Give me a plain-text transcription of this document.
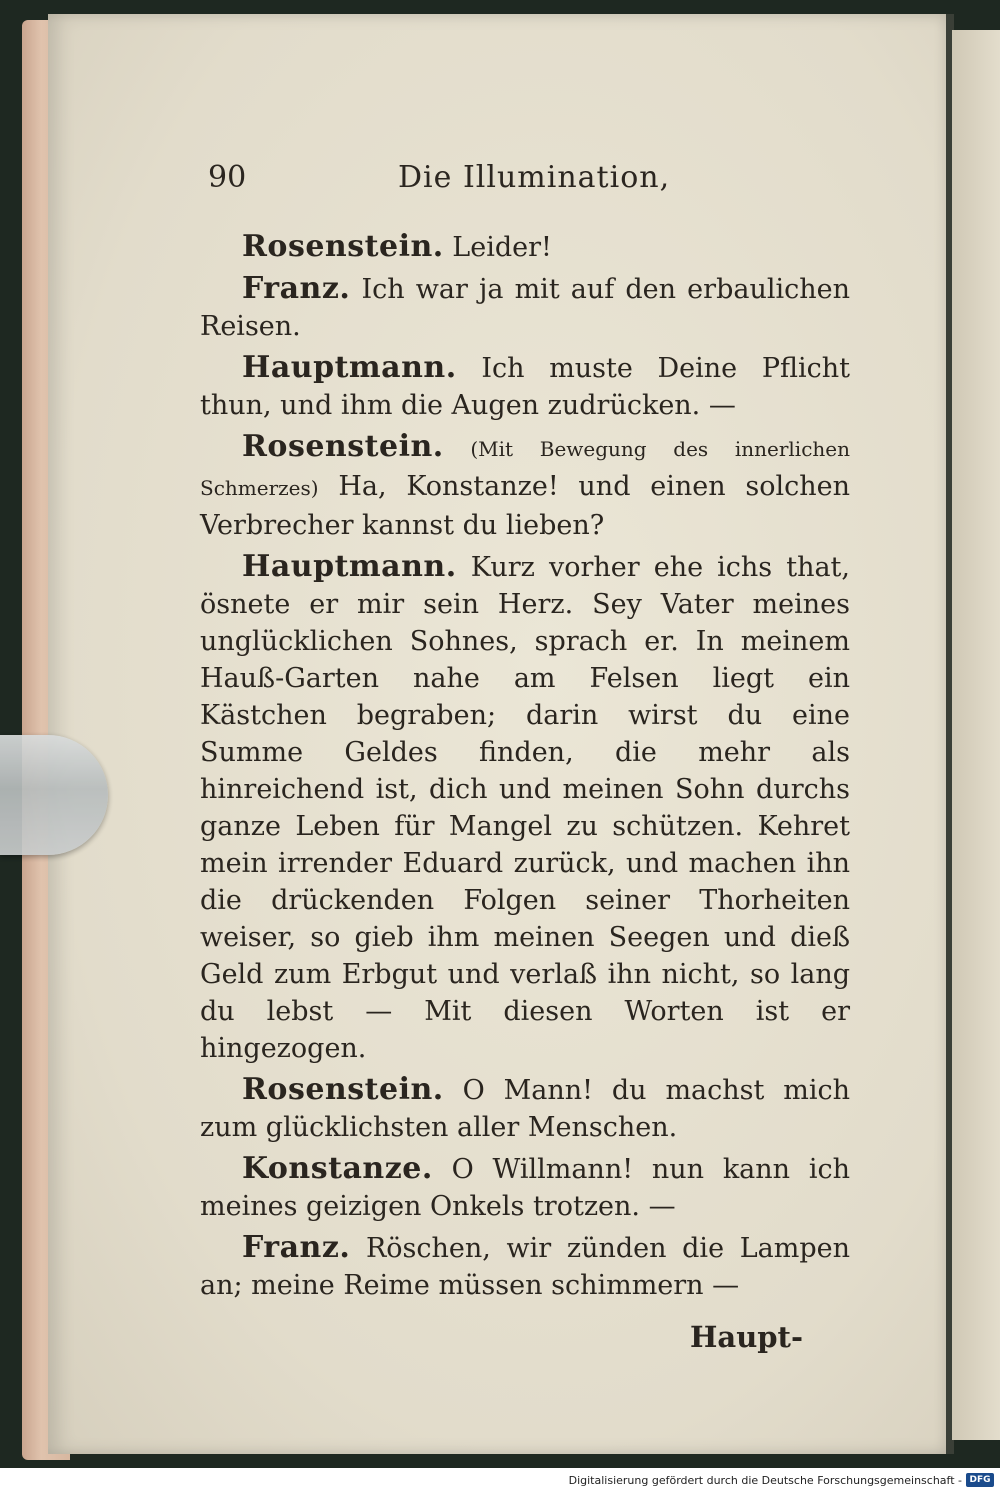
90	Die Illumination,

Rosenstein. Leider!

Franz. Ich war ja mit auf den erbaulichen Reisen.

Hauptmann. Ich muste Deine Pflicht thun, und ihm die Augen zudrücken. —

Rosenstein. (Mit Bewegung des innerlichen Schmerzes) Ha, Konstanze! und einen solchen Verbrecher kannst du lieben?

Hauptmann. Kurz vorher ehe ichs that, ösnete er mir sein Herz. Sey Vater meines unglücklichen Sohnes, sprach er. In meinem Hauß-Garten nahe am Felsen liegt ein Kästchen begraben; darin wirst du eine Summe Geldes finden, die mehr als hinreichend ist, dich und meinen Sohn durchs ganze Leben für Mangel zu schützen. Kehret mein irrender Eduard zurück, und machen ihn die drückenden Folgen seiner Thorheiten weiser, so gieb ihm meinen Seegen und dieß Geld zum Erbgut und verlaß ihn nicht, so lang du lebst — Mit diesen Worten ist er hingezogen.

Rosenstein. O Mann! du machst mich zum glücklichsten aller Menschen.

Konstanze. O Willmann! nun kann ich meines geizigen Onkels trotzen. —

Franz. Röschen, wir zünden die Lampen an; meine Reime müssen schimmern —

Haupt-
Digitalisierung gefördert durch die Deutsche Forschungsgemeinschaft - DFG
